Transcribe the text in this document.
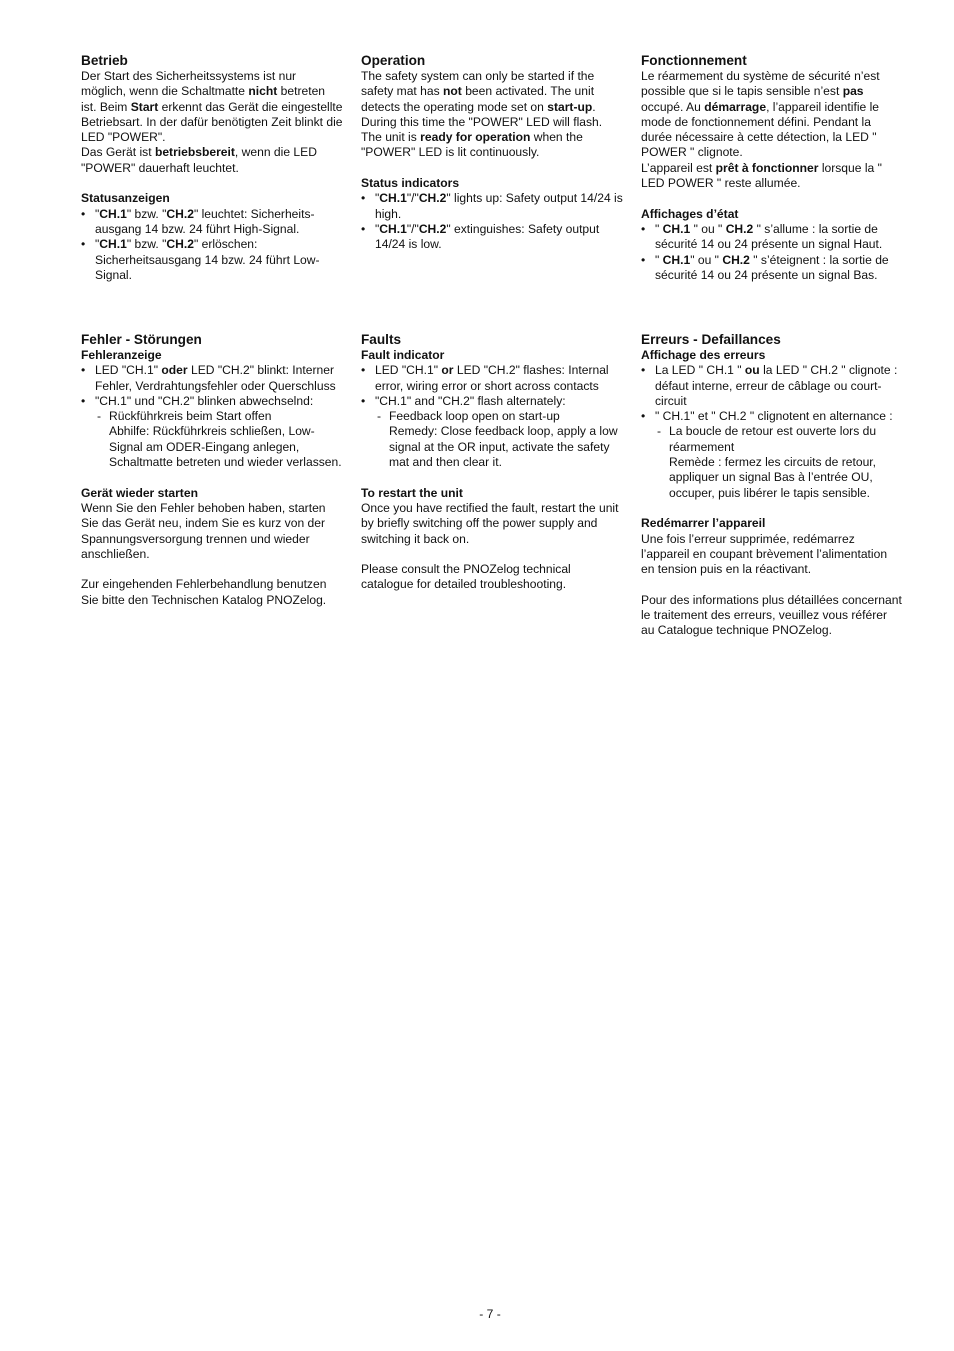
Betrieb

Der Start des Sicherheitssystems ist nur möglich, wenn die Schaltmatte nicht betreten ist. Beim Start erkennt das Gerät die eingestellte Betriebsart. In der dafür benötigten Zeit blinkt die LED "POWER".

Das Gerät ist betriebsbereit, wenn die LED "POWER" dauerhaft leuchtet.

Statusanzeigen
• "CH.1" bzw. "CH.2" leuchtet: Sicherheits-ausgang 14 bzw. 24 führt High-Signal.
• "CH.1" bzw. "CH.2" erlöschen: Sicherheitsausgang 14 bzw. 24 führt Low-Signal.
Operation

The safety system can only be started if the safety mat has not been activated. The unit detects the operating mode set on start-up. During this time the "POWER" LED will flash.

The unit is ready for operation when the "POWER" LED is lit continuously.

Status indicators
• "CH.1"/"CH.2" lights up: Safety output 14/24 is high.
• "CH.1"/"CH.2" extinguishes: Safety output
14/24 is low.
Fonctionnement

Le réarmement du système de sécurité n’est possible que si le tapis sensible n’est pas occupé. Au démarrage, l’appareil identifie le mode de fonctionnement défini. Pendant la durée nécessaire à cette détection, la LED " POWER " clignote.

L’appareil est prêt à fonctionner lorsque la " LED POWER " reste allumée.

Affichages d’état
• " CH.1 " ou " CH.2 " s’allume : la sortie de sécurité 14 ou 24 présente un signal Haut.
• " CH.1" ou " CH.2 " s’éteignent : la sortie de sécurité 14 ou 24 présente un signal Bas.
Fehler - Störungen
Fehleranzeige
• LED "CH.1" oder LED "CH.2" blinkt: Interner Fehler, Verdrahtungsfehler oder Querschluss
• "CH.1" und "CH.2" blinken abwechselnd:
- Rückführkreis beim Start offen
Abhilfe: Rückführkreis schließen, Low-Signal am ODER-Eingang anlegen, Schaltmatte betreten und wieder verlassen.
Gerät wieder starten

Wenn Sie den Fehler behoben haben, starten Sie das Gerät neu, indem Sie es kurz von der Spannungsversorgung trennen und wieder anschließen.

Zur eingehenden Fehlerbehandlung benutzen Sie bitte den Technischen Katalog PNOZelog.

Faults
Fault indicator
• LED "CH.1" or LED "CH.2" flashes: Internal error, wiring error or short across contacts
• "CH.1" and "CH.2" flash alternately:
- Feedback loop open on start-up
Remedy: Close feedback loop, apply a low signal at the OR input, activate the safety mat and then clear it.
To restart the unit

Once you have rectified the fault, restart the unit by briefly switching off the power supply and switching it back on.

Please consult the PNOZelog technical catalogue for detailed troubleshooting.

Erreurs - Defaillances
Affichage des erreurs
• La LED " CH.1 " ou la LED " CH.2 " clignote :
défaut interne, erreur de câblage ou court-circuit
• " CH.1" et " CH.2 " clignotent en alternance :
- La boucle de retour est ouverte lors du réarmement
Remède : fermez les circuits de retour, appliquer un signal Bas à l’entrée OU, occuper, puis libérer le tapis sensible.
Redémarrer l’appareil

Une fois l’erreur supprimée, redémarrez l’appareil en coupant brèvement l’alimentation en tension puis en la réactivant.

Pour des informations plus détaillées concernant le traitement des erreurs, veuillez vous référer au Catalogue technique PNOZelog.

- 7 -
